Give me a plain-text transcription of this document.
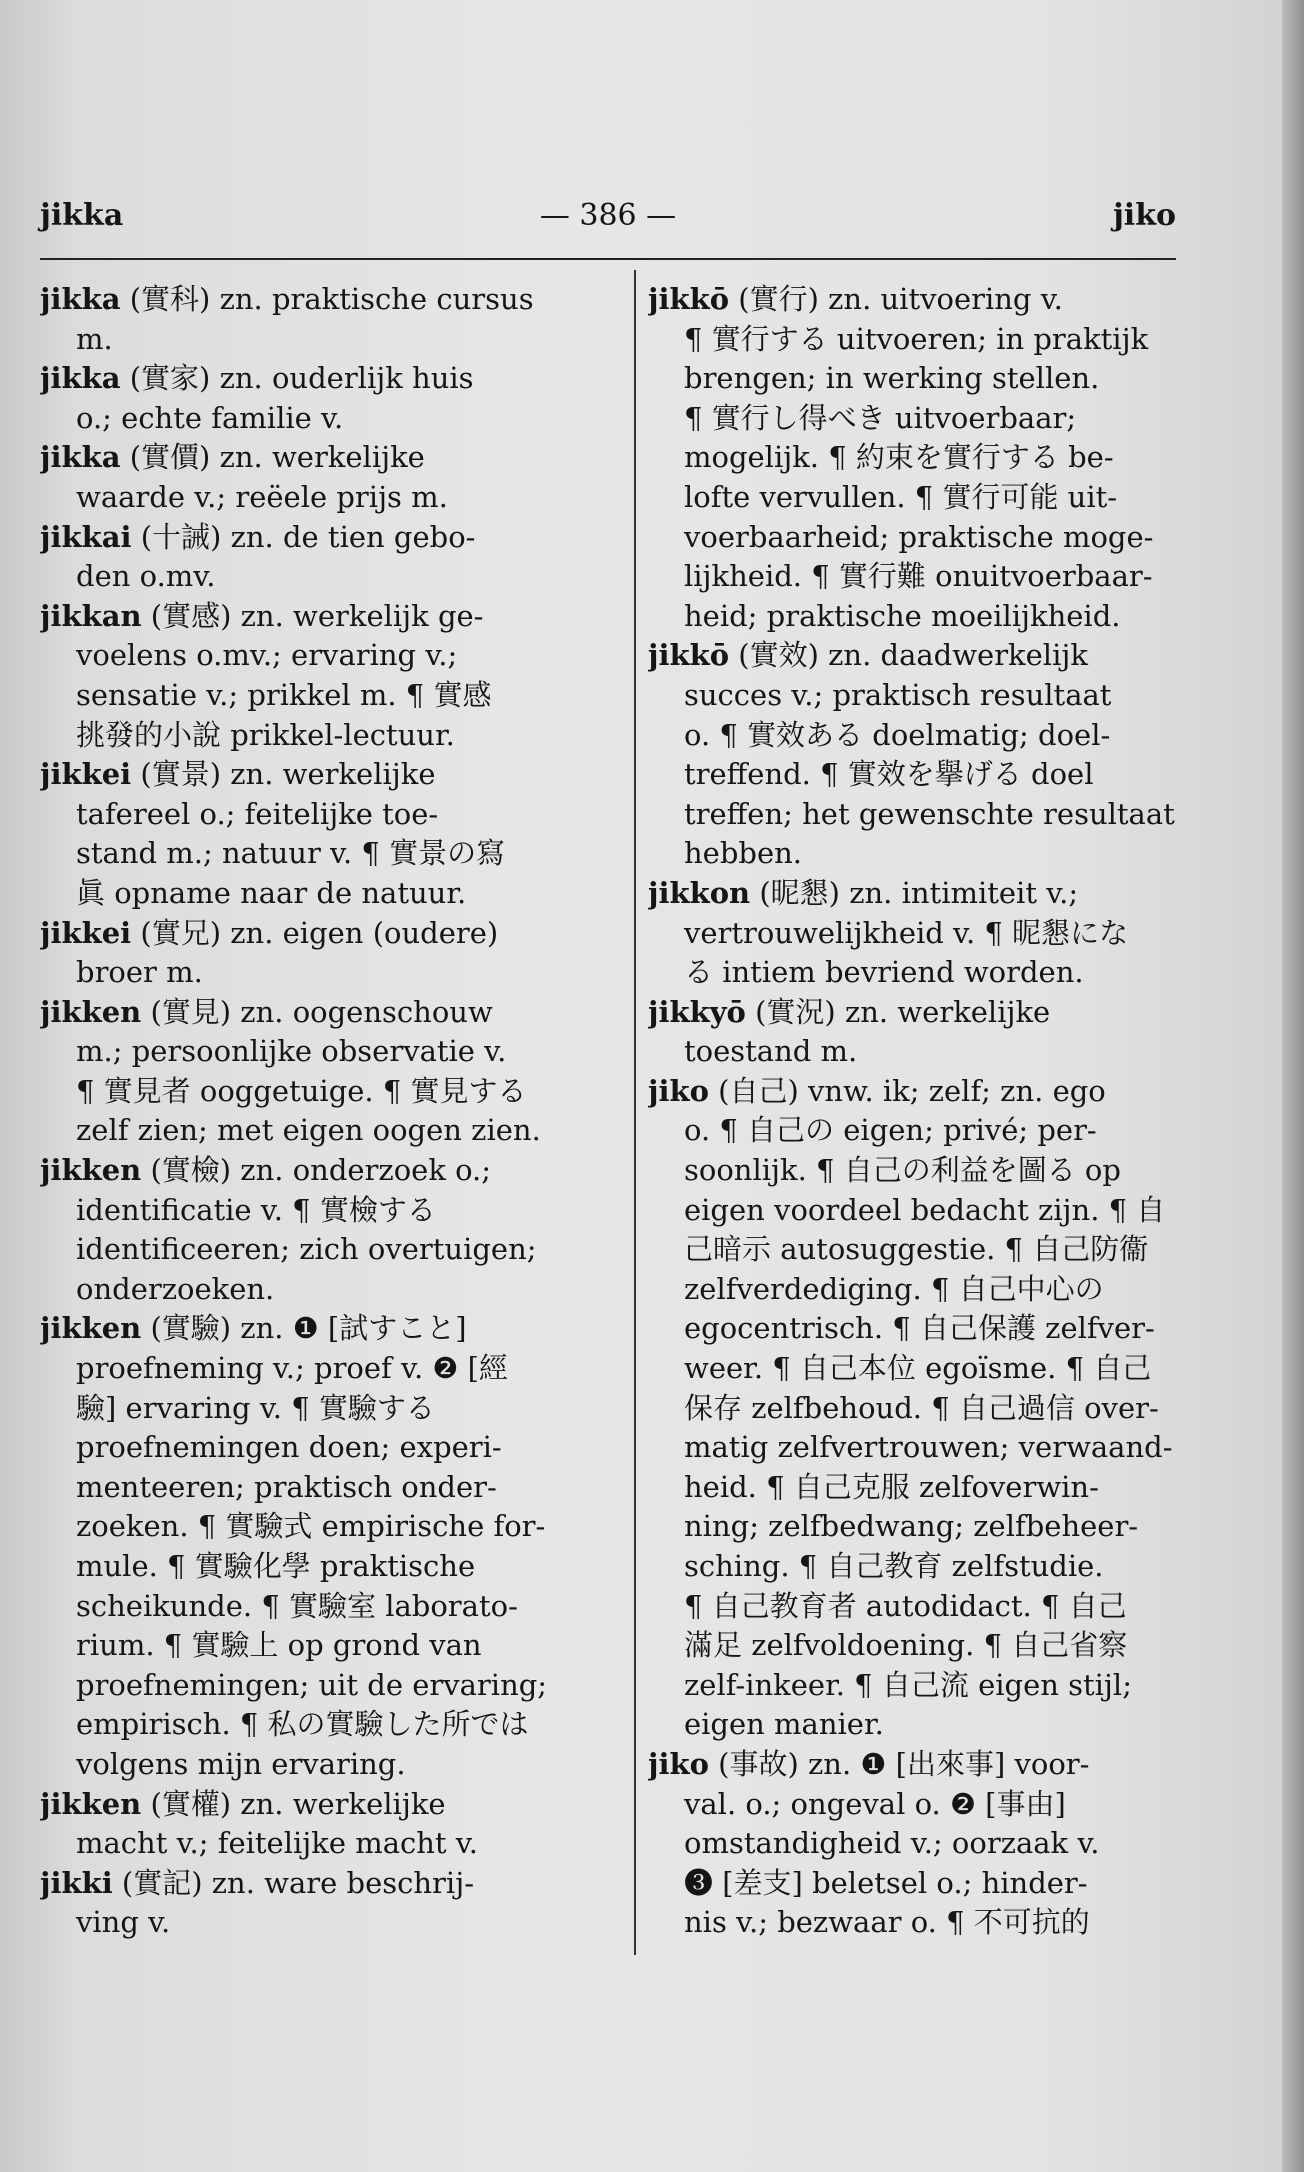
jikka	— 386 —	jiko
jikka (實科) zn. praktische cursus
m.
jikka (實家) zn. ouderlijk huis
o.; echte familie v.
jikka (實價) zn. werkelijke
waarde v.; reëele prijs m.
jikkai (十誡) zn. de tien gebo-
den o.mv.
jikkan (實感) zn. werkelijk ge-
voelens o.mv.; ervaring v.;
sensatie v.; prikkel m. ¶ 實感
挑發的小說 prikkel-lectuur.
jikkei (實景) zn. werkelijke
tafereel o.; feitelijke toe-
stand m.; natuur v. ¶ 實景の寫
眞 opname naar de natuur.
jikkei (實兄) zn. eigen (oudere)
broer m.
jikken (實見) zn. oogenschouw
m.; persoonlijke observatie v.
¶ 實見者 ooggetuige. ¶ 實見する
zelf zien; met eigen oogen zien.
jikken (實檢) zn. onderzoek o.;
identificatie v. ¶ 實檢する
identificeeren; zich overtuigen;
onderzoeken.
jikken (實驗) zn. ❶ [試すこと]
proefneming v.; proef v. ❷ [經
驗] ervaring v. ¶ 實驗する
proefnemingen doen; experi-
menteeren; praktisch onder-
zoeken. ¶ 實驗式 empirische for-
mule. ¶ 實驗化學 praktische
scheikunde. ¶ 實驗室 laborato-
rium. ¶ 實驗上 op grond van
proefnemingen; uit de ervaring;
empirisch. ¶ 私の實驗した所では
volgens mijn ervaring.
jikken (實權) zn. werkelijke
macht v.; feitelijke macht v.
jikki (實記) zn. ware beschrij-
ving v.
jikkō (實行) zn. uitvoering v.
¶ 實行する uitvoeren; in praktijk
brengen; in werking stellen.
¶ 實行し得べき uitvoerbaar;
mogelijk. ¶ 約束を實行する be-
lofte vervullen. ¶ 實行可能 uit-
voerbaarheid; praktische moge-
lijkheid. ¶ 實行難 onuitvoerbaar-
heid; praktische moeilijkheid.
jikkō (實效) zn. daadwerkelijk
succes v.; praktisch resultaat
o. ¶ 實效ある doelmatig; doel-
treffend. ¶ 實效を擧げる doel
treffen; het gewenschte resultaat
hebben.
jikkon (昵懇) zn. intimiteit v.;
vertrouwelijkheid v. ¶ 昵懇にな
る intiem bevriend worden.
jikkyō (實況) zn. werkelijke
toestand m.
jiko (自己) vnw. ik; zelf; zn. ego
o. ¶ 自己の eigen; privé; per-
soonlijk. ¶ 自己の利益を圖る op
eigen voordeel bedacht zijn. ¶ 自
己暗示 autosuggestie. ¶ 自己防衞
zelfverdediging. ¶ 自己中心の
egocentrisch. ¶ 自己保護 zelfver-
weer. ¶ 自己本位 egoïsme. ¶ 自己
保存 zelfbehoud. ¶ 自己過信 over-
matig zelfvertrouwen; verwaand-
heid. ¶ 自己克服 zelfoverwin-
ning; zelfbedwang; zelfbeheer-
sching. ¶ 自己教育 zelfstudie.
¶ 自己教育者 autodidact. ¶ 自己
滿足 zelfvoldoening. ¶ 自己省察
zelf-inkeer. ¶ 自己流 eigen stijl;
eigen manier.
jiko (事故) zn. ❶ [出來事] voor-
val. o.; ongeval o. ❷ [事由]
omstandigheid v.; oorzaak v.
❸ [差支] beletsel o.; hinder-
nis v.; bezwaar o. ¶ 不可抗的
